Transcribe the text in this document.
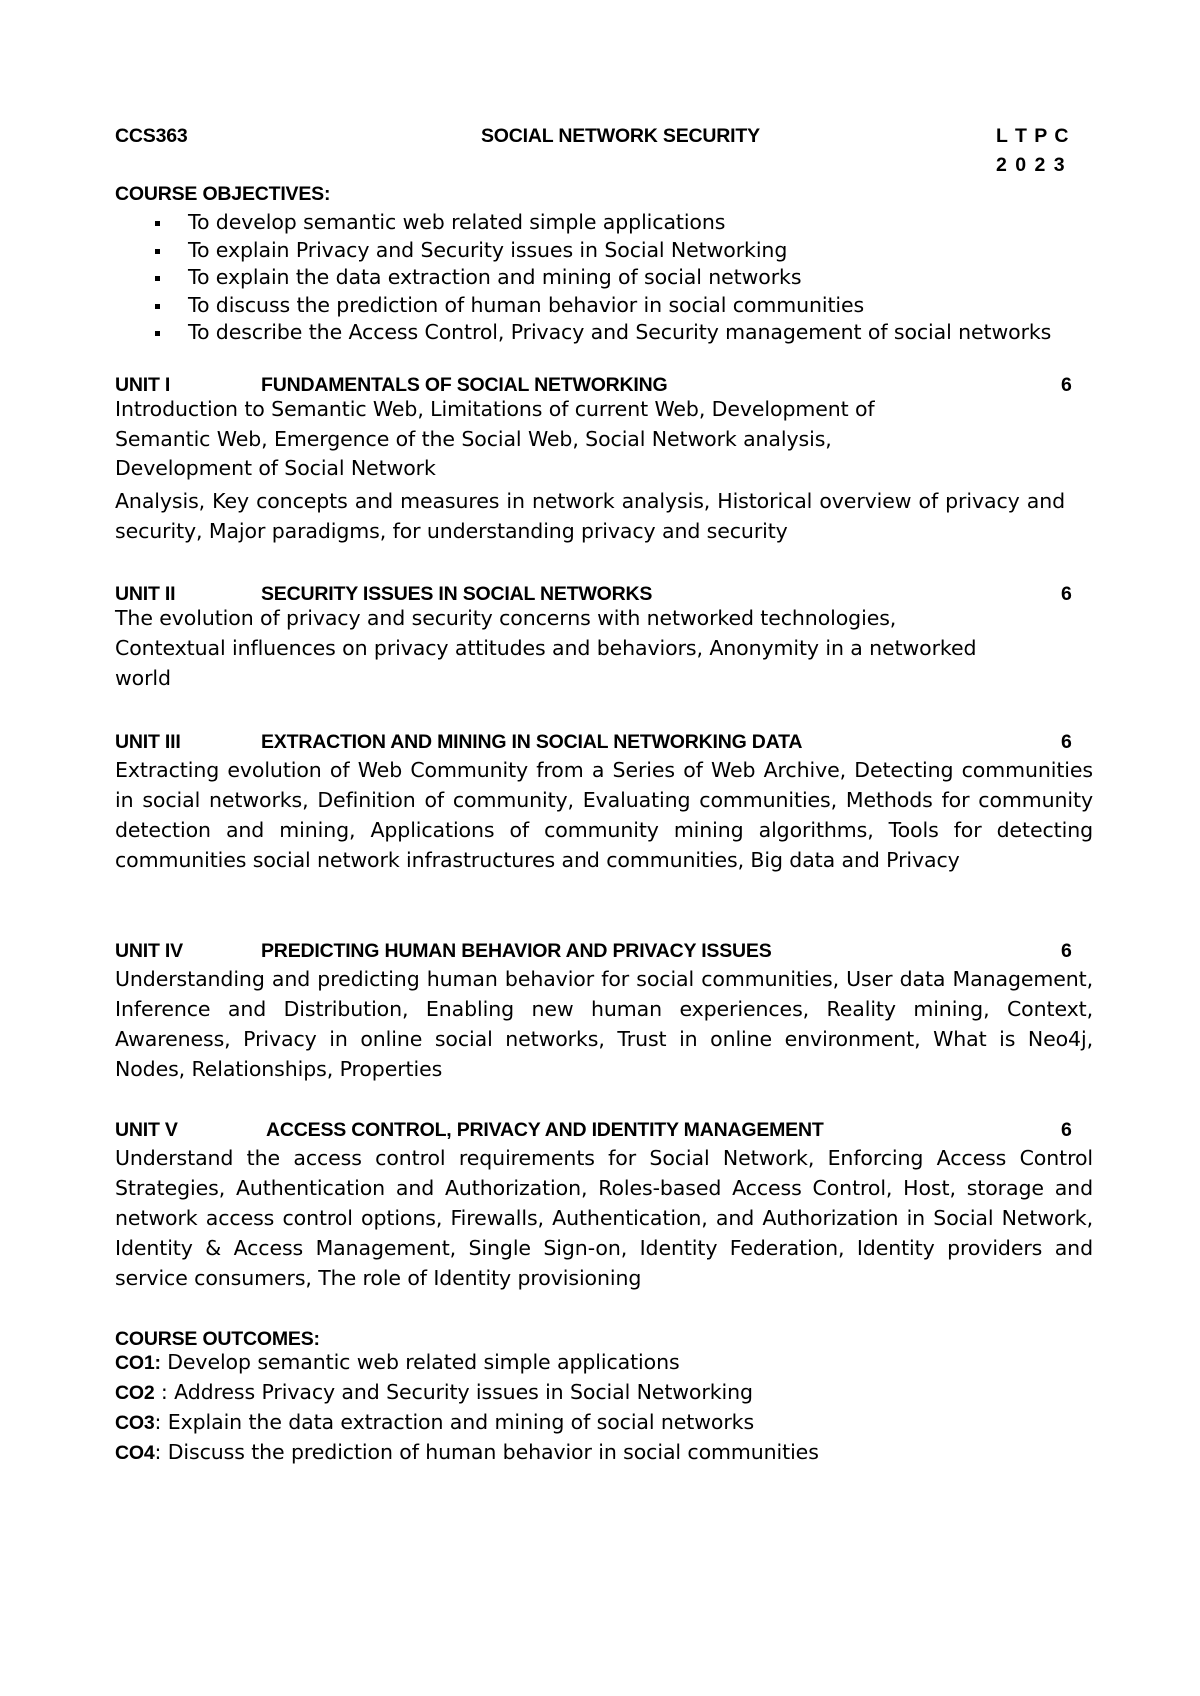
CCS363	SOCIAL NETWORK SECURITY	L T P C
2 0 2 3
COURSE OBJECTIVES:
To develop semantic web related simple applications
To explain Privacy and Security issues in Social Networking
To explain the data extraction and mining of social networks
To discuss the prediction of human behavior in social communities
To describe the Access Control, Privacy and Security management of social networks
UNIT I	FUNDAMENTALS OF SOCIAL NETWORKING	6
Introduction to Semantic Web, Limitations of current Web, Development of
Semantic Web, Emergence of the Social Web, Social Network analysis,
Development of Social Network
Analysis, Key concepts and measures in network analysis, Historical overview of privacy and security, Major paradigms, for understanding privacy and security
UNIT II	SECURITY ISSUES IN SOCIAL NETWORKS	6
The evolution of privacy and security concerns with networked technologies,
Contextual influences on privacy attitudes and behaviors, Anonymity in a networked
world
UNIT III	EXTRACTION AND MINING IN SOCIAL NETWORKING DATA	6
Extracting evolution of Web Community from a Series of Web Archive, Detecting communities in social networks, Definition of community, Evaluating communities, Methods for community detection and mining, Applications of community mining algorithms, Tools for detecting communities social network infrastructures and communities, Big data and Privacy
UNIT IV	PREDICTING HUMAN BEHAVIOR AND PRIVACY ISSUES	6
Understanding and predicting human behavior for social communities, User data Management, Inference and Distribution, Enabling new human experiences, Reality mining, Context, Awareness, Privacy in online social networks, Trust in online environment, What is Neo4j, Nodes, Relationships, Properties
UNIT V	ACCESS CONTROL, PRIVACY AND IDENTITY MANAGEMENT	6
Understand the access control requirements for Social Network, Enforcing Access Control Strategies, Authentication and Authorization, Roles-based Access Control, Host, storage and network access control options, Firewalls, Authentication, and Authorization in Social Network, Identity & Access Management, Single Sign-on, Identity Federation, Identity providers and service consumers, The role of Identity provisioning
COURSE OUTCOMES:
CO1: Develop semantic web related simple applications
CO2 : Address Privacy and Security issues in Social Networking
CO3: Explain the data extraction and mining of social networks
CO4: Discuss the prediction of human behavior in social communities
